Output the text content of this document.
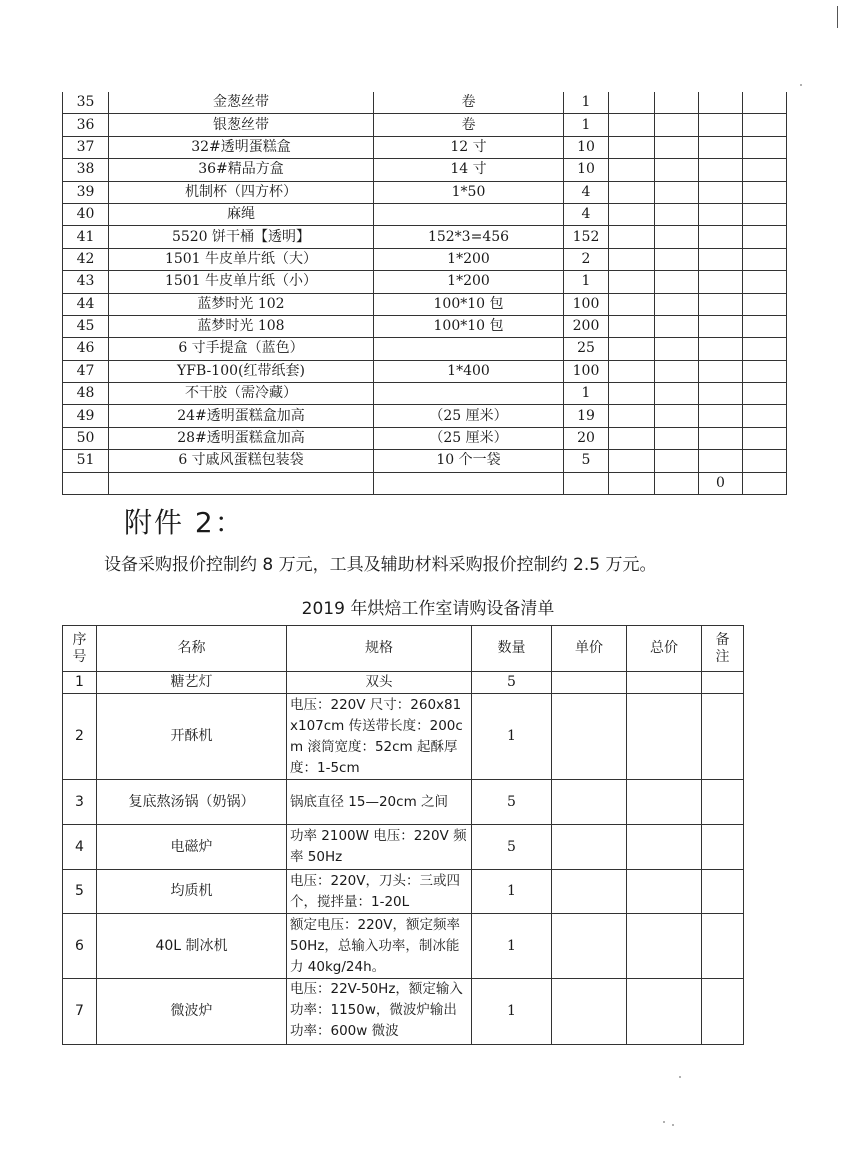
35	金葱丝带	卷	1				
36	银葱丝带	卷	1				
37	32#透明蛋糕盒	12 寸	10				
38	36#精品方盒	14 寸	10				
39	机制杯（四方杯）	1*50	4				
40	麻绳		4				
41	5520 饼干桶【透明】	152*3=456	152				
42	1501 牛皮单片纸（大）	1*200	2				
43	1501 牛皮单片纸（小）	1*200	1				
44	蓝梦时光 102	100*10 包	100				
45	蓝梦时光 108	100*10 包	200				
46	6 寸手提盒（蓝色）		25				
47	YFB-100(红带纸套)	1*400	100				
48	不干胶（需冷藏）		1				
49	24#透明蛋糕盒加高	（25 厘米）	19				
50	28#透明蛋糕盒加高	（25 厘米）	20				
51	6 寸戚风蛋糕包装袋	10 个一袋	5				
						0	
附件 2：
设备采购报价控制约 8 万元，工具及辅助材料采购报价控制约 2.5 万元。
2019 年烘焙工作室请购设备清单
序号	名称	规格	数量	单价	总价	备注
1	糖艺灯	双头	5			
2	开酥机	电压：220V 尺寸：260x81x107cm 传送带长度：200cm 滚筒宽度：52cm 起酥厚度：1-5cm	1			
3	复底熬汤锅（奶锅）	锅底直径 15—20cm 之间	5			
4	电磁炉	功率 2100W 电压：220V 频率 50Hz	5			
5	均质机	电压：220V，刀头：三或四个，搅拌量：1-20L	1			
6	40L 制冰机	额定电压：220V，额定频率 50Hz，总输入功率，制冰能力 40kg/24h。	1			
7	微波炉	电压：22V-50Hz，额定输入功率：1150w，微波炉输出功率：600w 微波	1			
